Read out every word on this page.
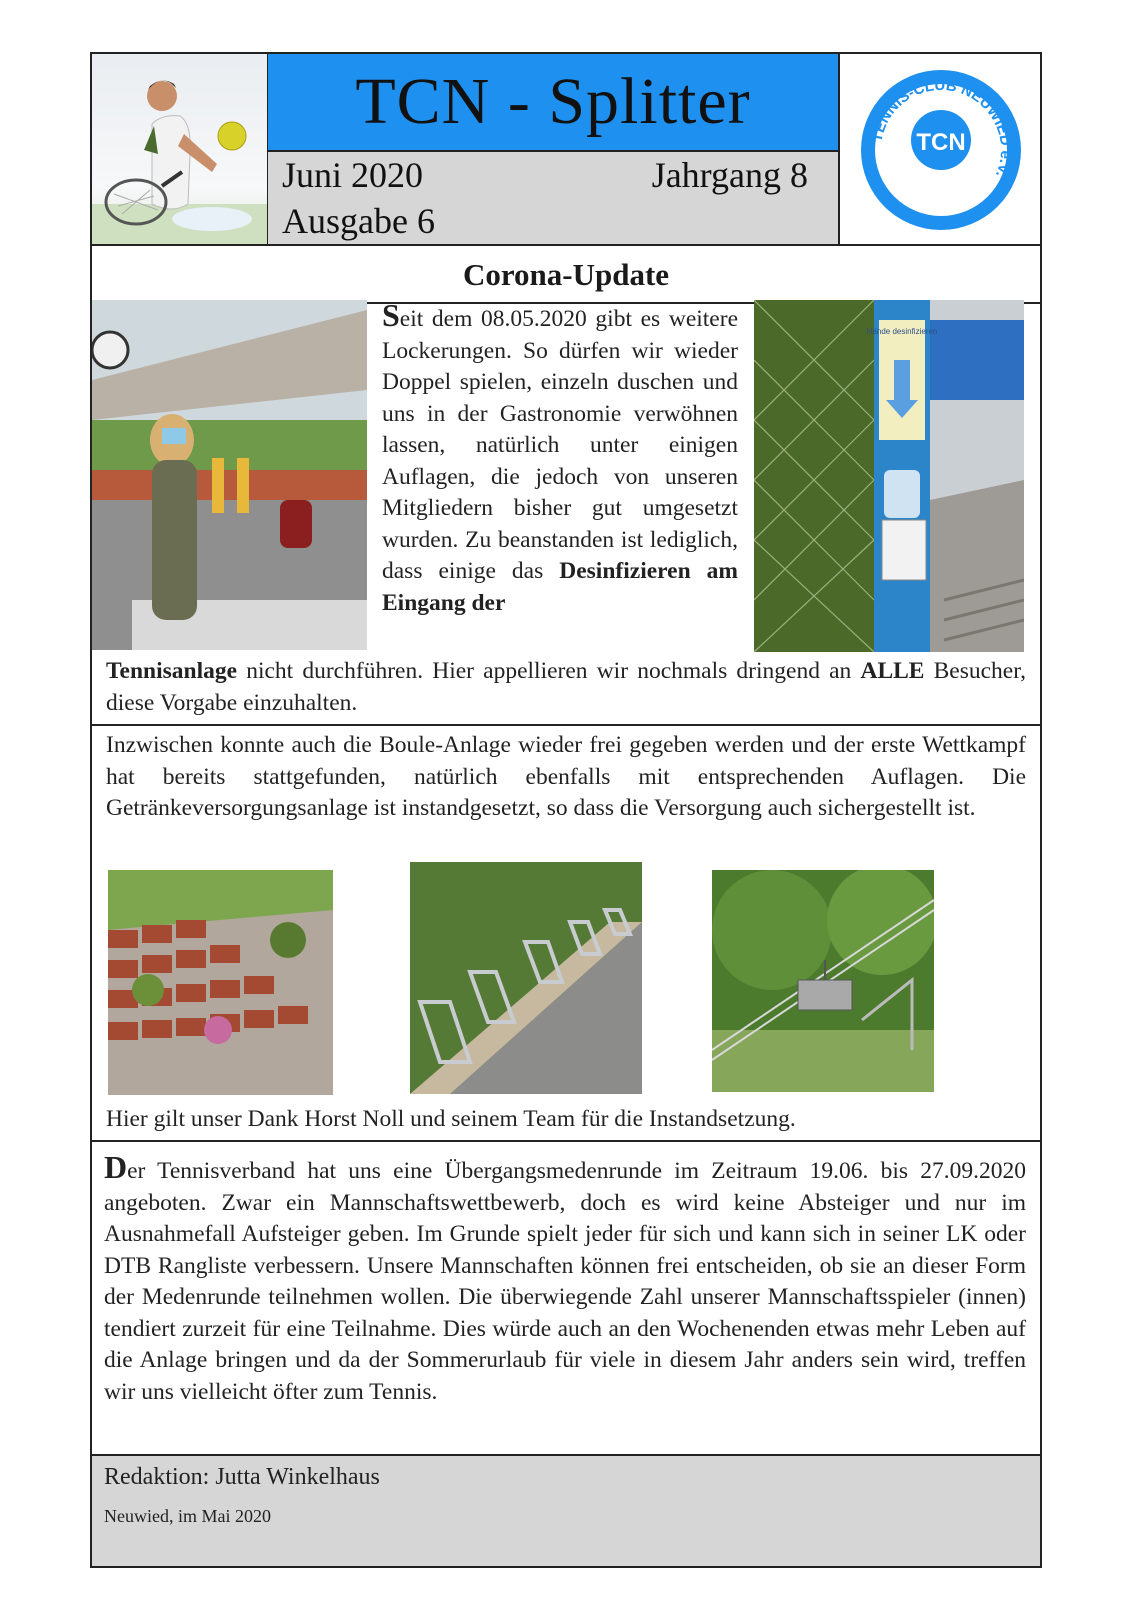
TCN - Splitter
Juni 2020
Ausgabe 6
Jahrgang 8
TCN
TENNIS-CLUB NEUWIED e.V.
Corona-Update
Seit dem 08.05.2020 gibt es weitere Lockerungen. So dürfen wir wieder Doppel spielen, einzeln duschen und uns in der Gastronomie verwöhnen lassen, natürlich unter einigen Auflagen, die jedoch von unseren Mitgliedern bisher gut umgesetzt wurden. Zu beanstanden ist lediglich, dass einige das Desinfizieren am Eingang der
Hände desinfizieren
Tennisanlage nicht durchführen. Hier appellieren wir nochmals dringend an ALLE Besucher, diese Vorgabe einzuhalten.
Inzwischen konnte auch die Boule-Anlage wieder frei gegeben werden und der erste Wettkampf hat bereits stattgefunden, natürlich ebenfalls mit entsprechenden Auflagen. Die Getränkeversorgungsanlage ist instandgesetzt, so dass die Versorgung auch sichergestellt ist.
Hier gilt unser Dank Horst Noll und seinem Team für die Instandsetzung.
Der Tennisverband hat uns eine Übergangsmedenrunde im Zeitraum 19.06. bis 27.09.2020 angeboten. Zwar ein Mannschaftswettbewerb, doch es wird keine Absteiger und nur im Ausnahmefall Aufsteiger geben. Im Grunde spielt jeder für sich und kann sich in seiner LK oder DTB Rangliste verbessern. Unsere Mannschaften können frei entscheiden, ob sie an dieser Form der Medenrunde teilnehmen wollen. Die überwiegende Zahl unserer Mannschaftsspieler (innen) tendiert zurzeit für eine Teilnahme. Dies würde auch an den Wochenenden etwas mehr Leben auf die Anlage bringen und da der Sommerurlaub für viele in diesem Jahr anders sein wird, treffen wir uns vielleicht öfter zum Tennis.
Redaktion: Jutta Winkelhaus
Neuwied, im Mai 2020
